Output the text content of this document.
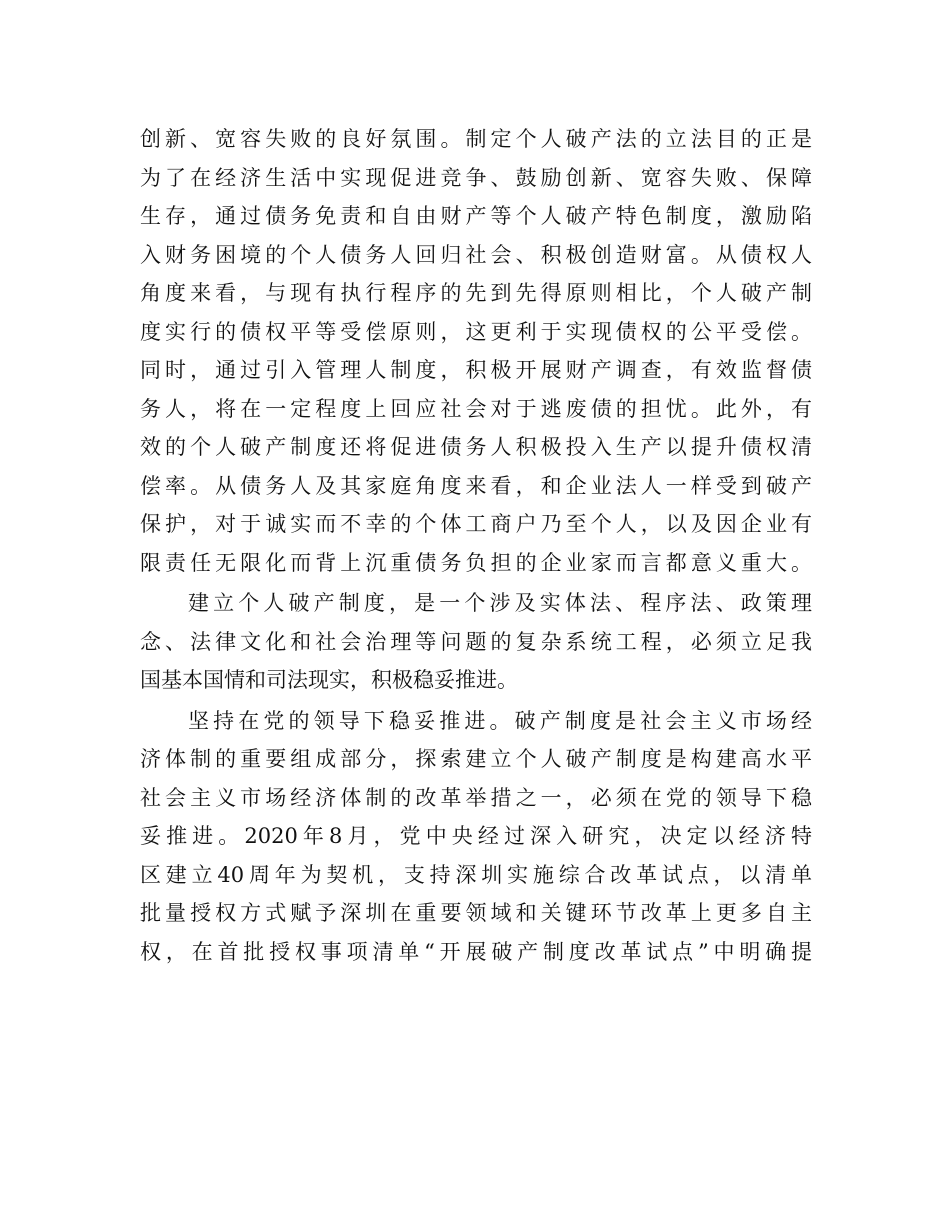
创新、宽容失败的良好氛围。制定个人破产法的立法目的正是
为了在经济生活中实现促进竞争、鼓励创新、宽容失败、保障
生存，通过债务免责和自由财产等个人破产特色制度，激励陷
入财务困境的个人债务人回归社会、积极创造财富。从债权人
角度来看，与现有执行程序的先到先得原则相比，个人破产制
度实行的债权平等受偿原则，这更利于实现债权的公平受偿。
同时，通过引入管理人制度，积极开展财产调查，有效监督债
务人，将在一定程度上回应社会对于逃废债的担忧。此外，有
效的个人破产制度还将促进债务人积极投入生产以提升债权清
偿率。从债务人及其家庭角度来看，和企业法人一样受到破产
保护，对于诚实而不幸的个体工商户乃至个人，以及因企业有
限责任无限化而背上沉重债务负担的企业家而言都意义重大。
建立个人破产制度，是一个涉及实体法、程序法、政策理
念、法律文化和社会治理等问题的复杂系统工程，必须立足我
国基本国情和司法现实，积极稳妥推进。
坚持在党的领导下稳妥推进。破产制度是社会主义市场经
济体制的重要组成部分，探索建立个人破产制度是构建高水平
社会主义市场经济体制的改革举措之一，必须在党的领导下稳
妥推进。2020年8月，党中央经过深入研究，决定以经济特
区建立40周年为契机，支持深圳实施综合改革试点，以清单
批量授权方式赋予深圳在重要领域和关键环节改革上更多自主
权，在首批授权事项清单“开展破产制度改革试点”中明确提
